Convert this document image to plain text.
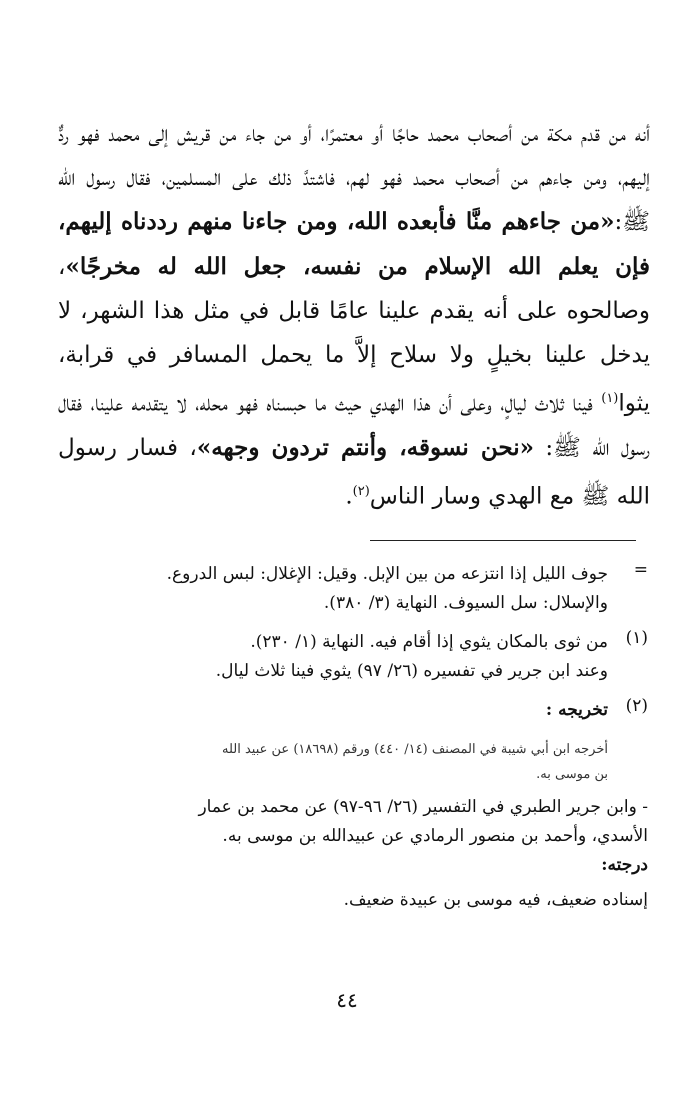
أنه من قدم مكة من أصحاب محمد حاجًا أو معتمرًا، أو من جاء من قريش إلى محمد فهو ردٌّ إليهم، ومن جاءهم من أصحاب محمد فهو لهم، فاشتدَّ ذلك على المسلمين، فقال رسول الله ﷺ:«من جاءهم منَّا فأبعده الله، ومن جاءنا منهم رددناه إليهم، فإن يعلم الله الإسلام من نفسه، جعل الله له مخرجًا»، وصالحوه على أنه يقدم علينا عامًا قابل في مثل هذا الشهر، لا يدخل علينا بخيلٍ ولا سلاح إلاَّ ما يحمل المسافر في قرابة، يثوا$^{(١)}$ فينا ثلاث ليالٍ، وعلى أن هذا الهدي حيث ما حبسناه فهو محله، لا يتقدمه علينا، فقال رسول الله ﷺ: «نحن نسوقه، وأنتم تردون وجهه»، فسار رسول الله ﷺ مع الهدي وسار الناس$^{(٢)}$.

=
جوف الليل إذا انتزعه من بين الإبل. وقيل: الإغلال: لبس الدروع.
والإسلال: سل السيوف. النهاية (٣/ ٣٨٠).
(١)
من ثوى بالمكان يثوي إذا أقام فيه. النهاية (١/ ٢٣٠).
وعند ابن جرير في تفسيره (٢٦/ ٩٧) يثوي فينا ثلاث ليال.
(٢)
تخريجه :
أخرجه ابن أبي شيبة في المصنف (١٤/ ٤٤٠) ورقم (١٨٦٩٨) عن عبيد الله
بن موسى به.
- وابن جرير الطبري في التفسير (٢٦/ ٩٦-٩٧) عن محمد بن عمار
الأسدي، وأحمد بن منصور الرمادي عن عبيدالله بن موسى به.
درجته:
إسناده ضعيف، فيه موسى بن عبيدة ضعيف.
٤٤
